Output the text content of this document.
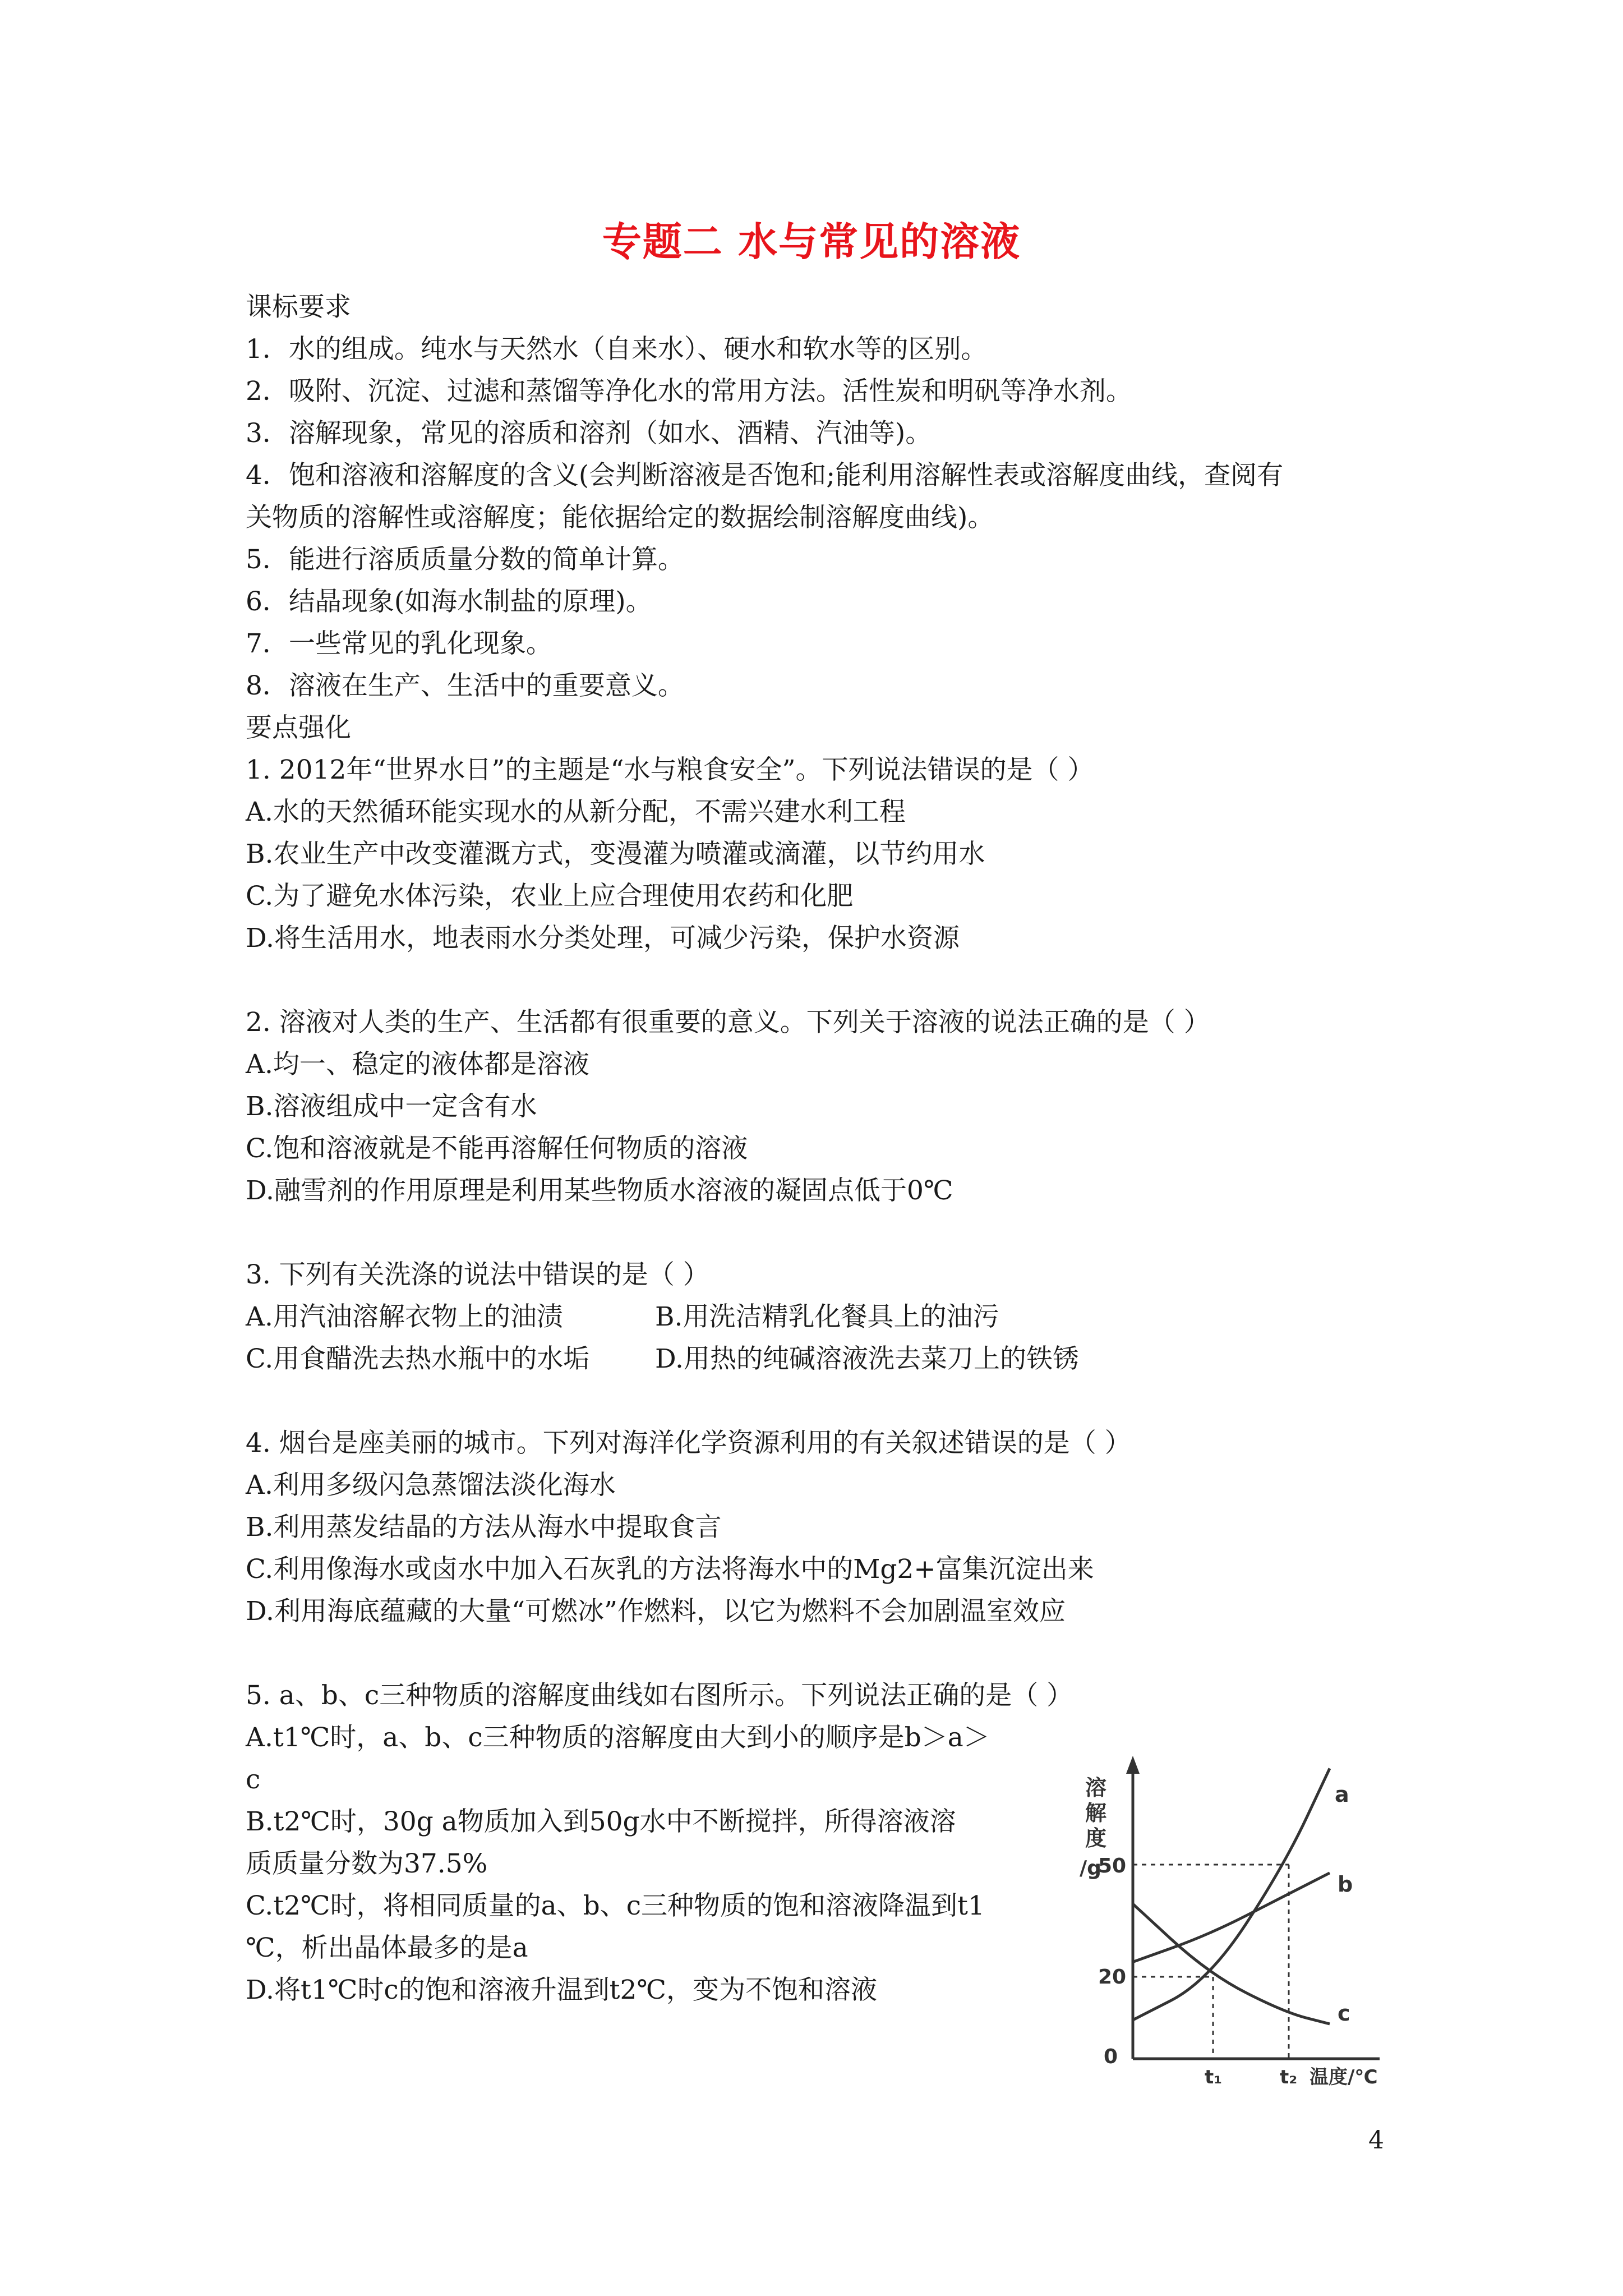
专题二 水与常见的溶液
课标要求
1．水的组成。纯水与天然水（自来水）、硬水和软水等的区别。
2．吸附、沉淀、过滤和蒸馏等净化水的常用方法。活性炭和明矾等净水剂。
3．溶解现象，常见的溶质和溶剂（如水、酒精、汽油等)。
4．饱和溶液和溶解度的含义(会判断溶液是否饱和;能利用溶解性表或溶解度曲线，查阅有
关物质的溶解性或溶解度；能依据给定的数据绘制溶解度曲线)。
5．能进行溶质质量分数的简单计算。
6．结晶现象(如海水制盐的原理)。
7．一些常见的乳化现象。
8．溶液在生产、生活中的重要意义。
要点强化
1. 2012年“世界水日”的主题是“水与粮食安全”。下列说法错误的是（ ）
A.水的天然循环能实现水的从新分配，不需兴建水利工程
B.农业生产中改变灌溉方式，变漫灌为喷灌或滴灌，以节约用水
C.为了避免水体污染，农业上应合理使用农药和化肥
D.将生活用水，地表雨水分类处理，可减少污染，保护水资源
2. 溶液对人类的生产、生活都有很重要的意义。下列关于溶液的说法正确的是（ ）
A.均一、稳定的液体都是溶液
B.溶液组成中一定含有水
C.饱和溶液就是不能再溶解任何物质的溶液
D.融雪剂的作用原理是利用某些物质水溶液的凝固点低于0℃
3. 下列有关洗涤的说法中错误的是（ ）
A.用汽油溶解衣物上的油渍	B.用洗洁精乳化餐具上的油污
C.用食醋洗去热水瓶中的水垢 D.用热的纯碱溶液洗去菜刀上的铁锈
4. 烟台是座美丽的城市。下列对海洋化学资源利用的有关叙述错误的是（ ）
A.利用多级闪急蒸馏法淡化海水
B.利用蒸发结晶的方法从海水中提取食言
C.利用像海水或卤水中加入石灰乳的方法将海水中的Mg2+富集沉淀出来
D.利用海底蕴藏的大量“可燃冰”作燃料，以它为燃料不会加剧温室效应
5. a、b、c三种物质的溶解度曲线如右图所示。下列说法正确的是（ ）
A.t1℃时，a、b、c三种物质的溶解度由大到小的顺序是b＞a＞
c
B.t2℃时，30g a物质加入到50g水中不断搅拌，所得溶液溶
质质量分数为37.5%
C.t2℃时，将相同质量的a、b、c三种物质的饱和溶液降温到t1
℃，析出晶体最多的是a
D.将t1℃时c的饱和溶液升温到t2℃，变为不饱和溶液
溶
解
度
/g
50
20
0
a
b
c
t₁	t₂ 温度/℃
4
